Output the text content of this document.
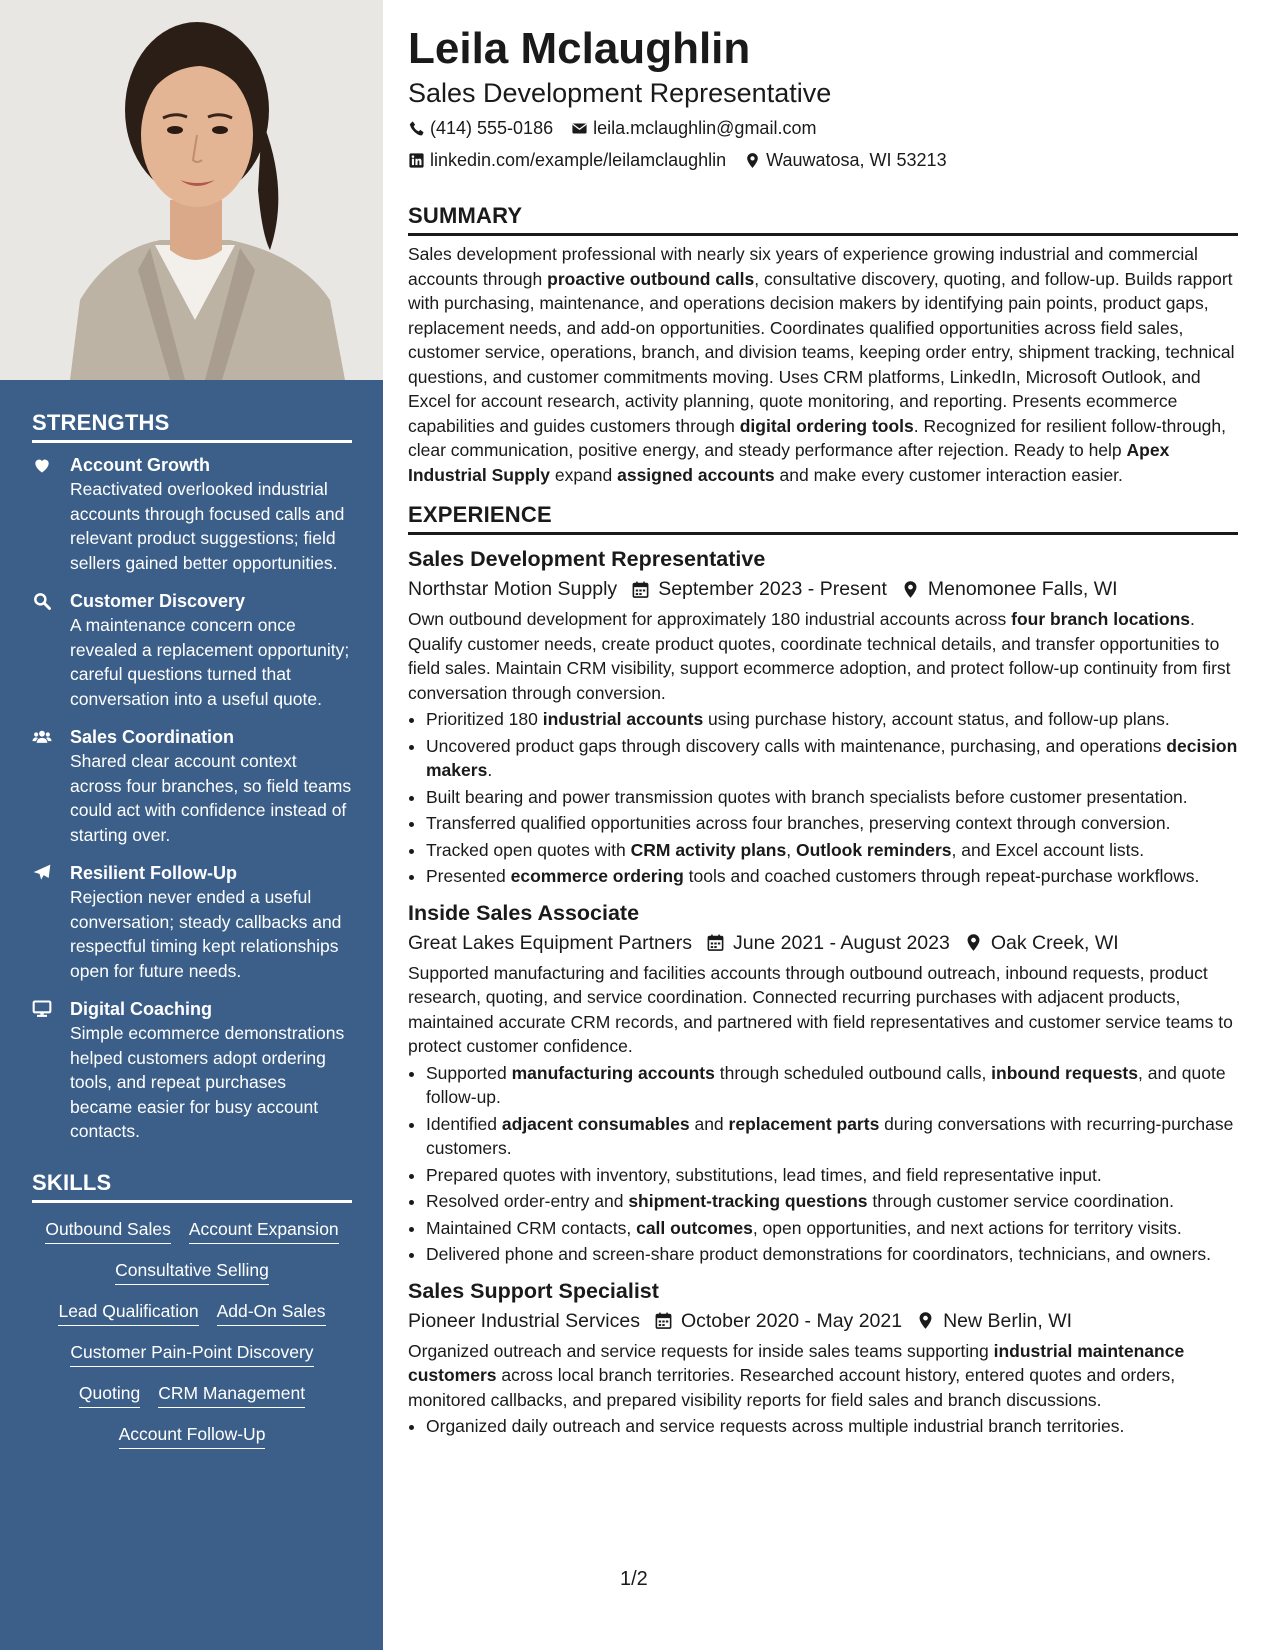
STRENGTHS
Account Growth
Reactivated overlooked industrial accounts through focused calls and relevant product suggestions; field sellers gained better opportunities.
Customer Discovery
A maintenance concern once revealed a replacement opportunity; careful questions turned that conversation into a useful quote.
Sales Coordination
Shared clear account context across four branches, so field teams could act with confidence instead of starting over.
Resilient Follow-Up
Rejection never ended a useful conversation; steady callbacks and respectful timing kept relationships open for future needs.
Digital Coaching
Simple ecommerce demonstrations helped customers adopt ordering tools, and repeat purchases became easier for busy account contacts.
SKILLS
Outbound Sales Account Expansion
Consultative Selling
Lead Qualification Add-On Sales
Customer Pain-Point Discovery
Quoting CRM Management
Account Follow-Up
Leila Mclaughlin
Sales Development Representative
(414) 555-0186 leila.mclaughlin@gmail.com
linkedin.com/example/leilamclaughlin Wauwatosa, WI 53213
SUMMARY

Sales development professional with nearly six years of experience growing industrial and commercial accounts through proactive outbound calls, consultative discovery, quoting, and follow-up. Builds rapport with purchasing, maintenance, and operations decision makers by identifying pain points, product gaps, replacement needs, and add-on opportunities. Coordinates qualified opportunities across field sales, customer service, operations, branch, and division teams, keeping order entry, shipment tracking, technical questions, and customer commitments moving. Uses CRM platforms, LinkedIn, Microsoft Outlook, and Excel for account research, activity planning, quote monitoring, and reporting. Presents ecommerce capabilities and guides customers through digital ordering tools. Recognized for resilient follow-through, clear communication, positive energy, and steady performance after rejection. Ready to help Apex Industrial Supply expand assigned accounts and make every customer interaction easier.

EXPERIENCE
Sales Development Representative
Northstar Motion Supply September 2023 - Present Menomonee Falls, WI

Own outbound development for approximately 180 industrial accounts across four branch locations. Qualify customer needs, create product quotes, coordinate technical details, and transfer opportunities to field sales. Maintain CRM visibility, support ecommerce adoption, and protect follow-up continuity from first conversation through conversion.

• Prioritized 180 industrial accounts using purchase history, account status, and follow-up plans.
• Uncovered product gaps through discovery calls with maintenance, purchasing, and operations decision makers.
• Built bearing and power transmission quotes with branch specialists before customer presentation.
• Transferred qualified opportunities across four branches, preserving context through conversion.
• Tracked open quotes with CRM activity plans, Outlook reminders, and Excel account lists.
• Presented ecommerce ordering tools and coached customers through repeat-purchase workflows.
Inside Sales Associate
Great Lakes Equipment Partners June 2021 - August 2023 Oak Creek, WI

Supported manufacturing and facilities accounts through outbound outreach, inbound requests, product research, quoting, and service coordination. Connected recurring purchases with adjacent products, maintained accurate CRM records, and partnered with field representatives and customer service teams to protect customer confidence.

• Supported manufacturing accounts through scheduled outbound calls, inbound requests, and quote follow-up.
• Identified adjacent consumables and replacement parts during conversations with recurring-purchase customers.
• Prepared quotes with inventory, substitutions, lead times, and field representative input.
• Resolved order-entry and shipment-tracking questions through customer service coordination.
• Maintained CRM contacts, call outcomes, open opportunities, and next actions for territory visits.
• Delivered phone and screen-share product demonstrations for coordinators, technicians, and owners.
Sales Support Specialist
Pioneer Industrial Services October 2020 - May 2021 New Berlin, WI

Organized outreach and service requests for inside sales teams supporting industrial maintenance customers across local branch territories. Researched account history, entered quotes and orders, monitored callbacks, and prepared visibility reports for field sales and branch discussions.

• Organized daily outreach and service requests across multiple industrial branch territories.
1/2
